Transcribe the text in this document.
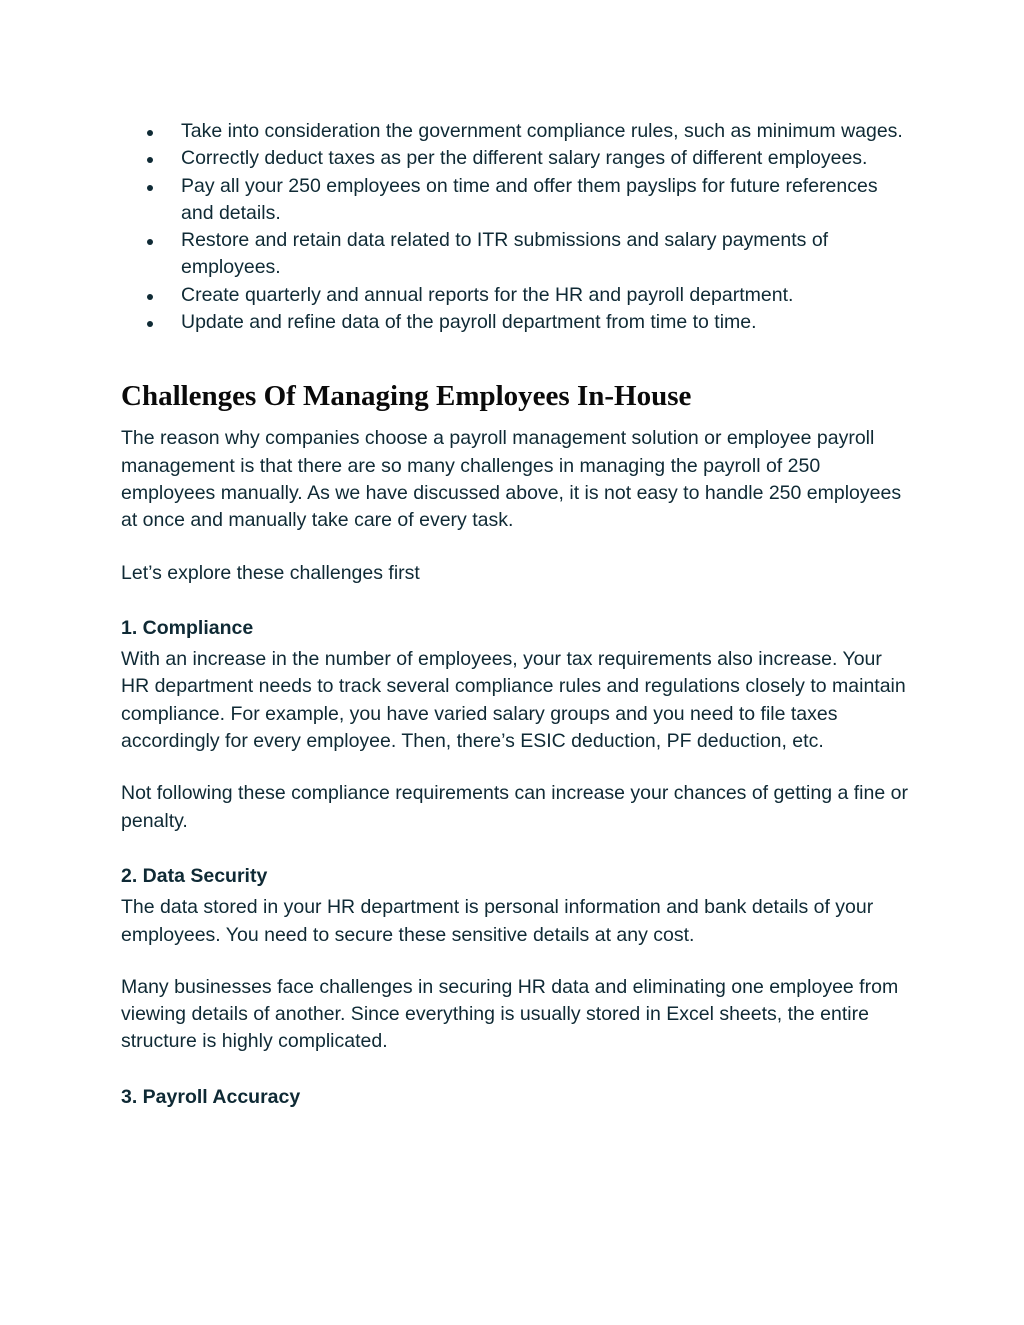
Take into consideration the government compliance rules, such as minimum wages.
Correctly deduct taxes as per the different salary ranges of different employees.
Pay all your 250 employees on time and offer them payslips for future references and details.
Restore and retain data related to ITR submissions and salary payments of employees.
Create quarterly and annual reports for the HR and payroll department.
Update and refine data of the payroll department from time to time.
Challenges Of Managing Employees In-House

The reason why companies choose a payroll management solution or employee payroll management is that there are so many challenges in managing the payroll of 250 employees manually. As we have discussed above, it is not easy to handle 250 employees at once and manually take care of every task.

Let’s explore these challenges first

1. Compliance

With an increase in the number of employees, your tax requirements also increase. Your HR department needs to track several compliance rules and regulations closely to maintain compliance. For example, you have varied salary groups and you need to file taxes accordingly for every employee. Then, there’s ESIC deduction, PF deduction, etc.

Not following these compliance requirements can increase your chances of getting a fine or penalty.

2. Data Security

The data stored in your HR department is personal information and bank details of your employees. You need to secure these sensitive details at any cost.

Many businesses face challenges in securing HR data and eliminating one employee from viewing details of another. Since everything is usually stored in Excel sheets, the entire structure is highly complicated.

3. Payroll Accuracy
